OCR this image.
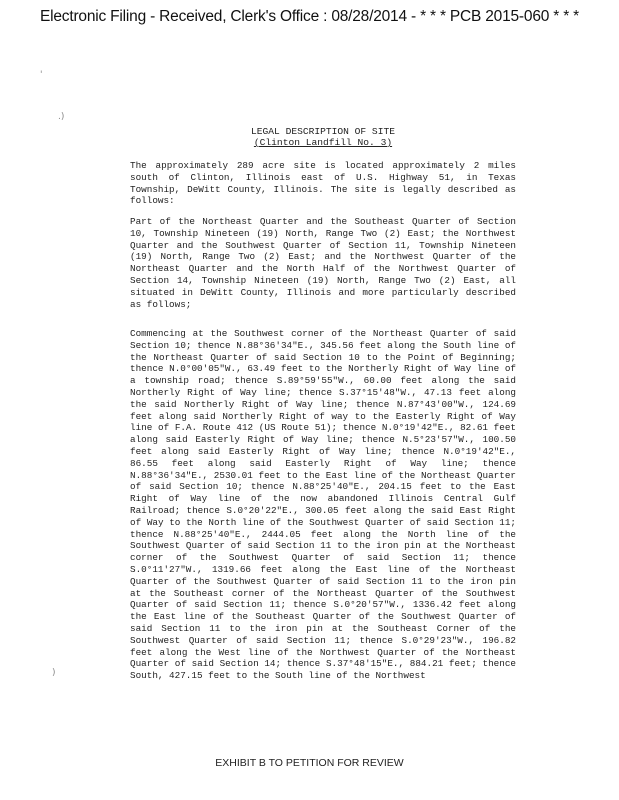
Electronic Filing - Received, Clerk's Office : 08/28/2014 - * * * PCB 2015-060 * * *
'
.)
)
LEGAL DESCRIPTION OF SITE
(Clinton Landfill No. 3)

The approximately 289 acre site is located approximately 2 miles south of Clinton, Illinois east of U.S. Highway 51, in Texas Township, DeWitt County, Illinois. The site is legally described as follows:

Part of the Northeast Quarter and the Southeast Quarter of Section 10, Township Nineteen (19) North, Range Two (2) East; the Northwest Quarter and the Southwest Quarter of Section 11, Township Nineteen (19) North, Range Two (2) East; and the Northwest Quarter of the Northeast Quarter and the North Half of the Northwest Quarter of Section 14, Township Nineteen (19) North, Range Two (2) East, all situated in DeWitt County, Illinois and more particularly described as follows;

Commencing at the Southwest corner of the Northeast Quarter of said Section 10; thence N.88°36'34"E., 345.56 feet along the South line of the Northeast Quarter of said Section 10 to the Point of Beginning; thence N.0°00'05"W., 63.49 feet to the Northerly Right of Way line of a township road; thence S.89°59'55"W., 60.00 feet along the said Northerly Right of Way line; thence S.37°15'48"W., 47.13 feet along the said Northerly Right of Way line; thence N.87°43'00"W., 124.69 feet along said Northerly Right of way to the Easterly Right of Way line of F.A. Route 412 (US Route 51); thence N.0°19'42"E., 82.61 feet along said Easterly Right of Way line; thence N.5°23'57"W., 100.50 feet along said Easterly Right of Way line; thence N.0°19'42"E., 86.55 feet along said Easterly Right of Way line; thence N.88°36'34"E., 2530.01 feet to the East line of the Northeast Quarter of said Section 10; thence N.88°25'40"E., 204.15 feet to the East Right of Way line of the now abandoned Illinois Central Gulf Railroad; thence S.0°20'22"E., 300.05 feet along the said East Right of Way to the North line of the Southwest Quarter of said Section 11; thence N.88°25'40"E., 2444.05 feet along the North line of the Southwest Quarter of said Section 11 to the iron pin at the Northeast corner of the Southwest Quarter of said Section 11; thence S.0°11'27"W., 1319.66 feet along the East line of the Northeast Quarter of the Southwest Quarter of said Section 11 to the iron pin at the Southeast corner of the Northeast Quarter of the Southwest Quarter of said Section 11; thence S.0°20'57"W., 1336.42 feet along the East line of the Southeast Quarter of the Southwest Quarter of said Section 11 to the iron pin at the Southeast Corner of the Southwest Quarter of said Section 11; thence S.0°29'23"W., 196.82 feet along the West line of the Northwest Quarter of the Northeast Quarter of said Section 14; thence S.37°48'15"E., 884.21 feet; thence South, 427.15 feet to the South line of the Northwest

EXHIBIT B TO PETITION FOR REVIEW
